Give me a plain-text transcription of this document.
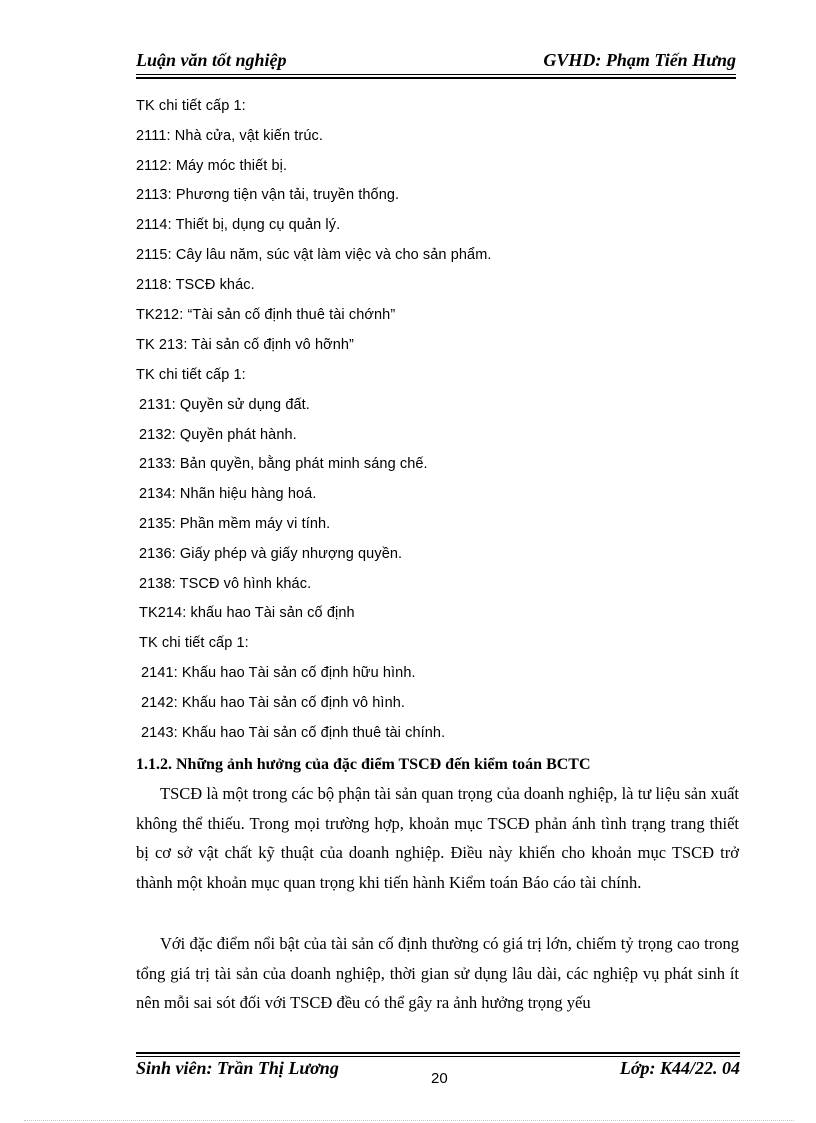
Luận văn tốt nghiệp	GVHD: Phạm Tiến Hưng
TK chi tiết cấp 1:
2111: Nhà cửa, vật kiến trúc.
2112: Máy móc thiết bị.
2113: Phương tiện vận tải, truyền thống.
2114: Thiết bị, dụng cụ quản lý.
2115: Cây lâu năm, súc vật làm việc và cho sản phẩm.
2118: TSCĐ khác.
TK212: “Tài sản cố định thuê tài chớnh”
TK 213: Tài sản cố định vô hỡnh”
TK chi tiết cấp 1:
2131: Quyền sử dụng đất.
2132: Quyền phát hành.
2133: Bản quyền, bằng phát minh sáng chế.
2134: Nhãn hiệu hàng hoá.
2135: Phần mềm máy vi tính.
2136: Giấy phép và giấy nhượng quyền.
2138: TSCĐ vô hình khác.
TK214: khấu hao Tài sản cố định
TK chi tiết cấp 1:
2141: Khấu hao Tài sản cố định hữu hình.
2142: Khấu hao Tài sản cố định vô hình.
2143: Khấu hao Tài sản cố định thuê tài chính.
1.1.2. Những ảnh hưởng của đặc điểm TSCĐ đến kiểm toán BCTC
TSCĐ là một trong các bộ phận tài sản quan trọng của doanh nghiệp, là tư liệu sản xuất không thể thiếu. Trong mọi trường hợp, khoản mục TSCĐ phản ánh tình trạng trang thiết bị cơ sở vật chất kỹ thuật của doanh nghiệp. Điều này khiến cho khoản mục TSCĐ trở thành một khoản mục quan trọng khi tiến hành Kiểm toán Báo cáo tài chính.
Với đặc điểm nổi bật của tài sản cố định thường có giá trị lớn, chiếm tỷ trọng cao trong tổng giá trị tài sản của doanh nghiệp, thời gian sử dụng lâu dài, các nghiệp vụ phát sinh ít nên mỗi sai sót đối với TSCĐ đều có thể gây ra ảnh hưởng trọng yếu
Sinh viên: Trần Thị Lương
20
Lớp: K44/22. 04
